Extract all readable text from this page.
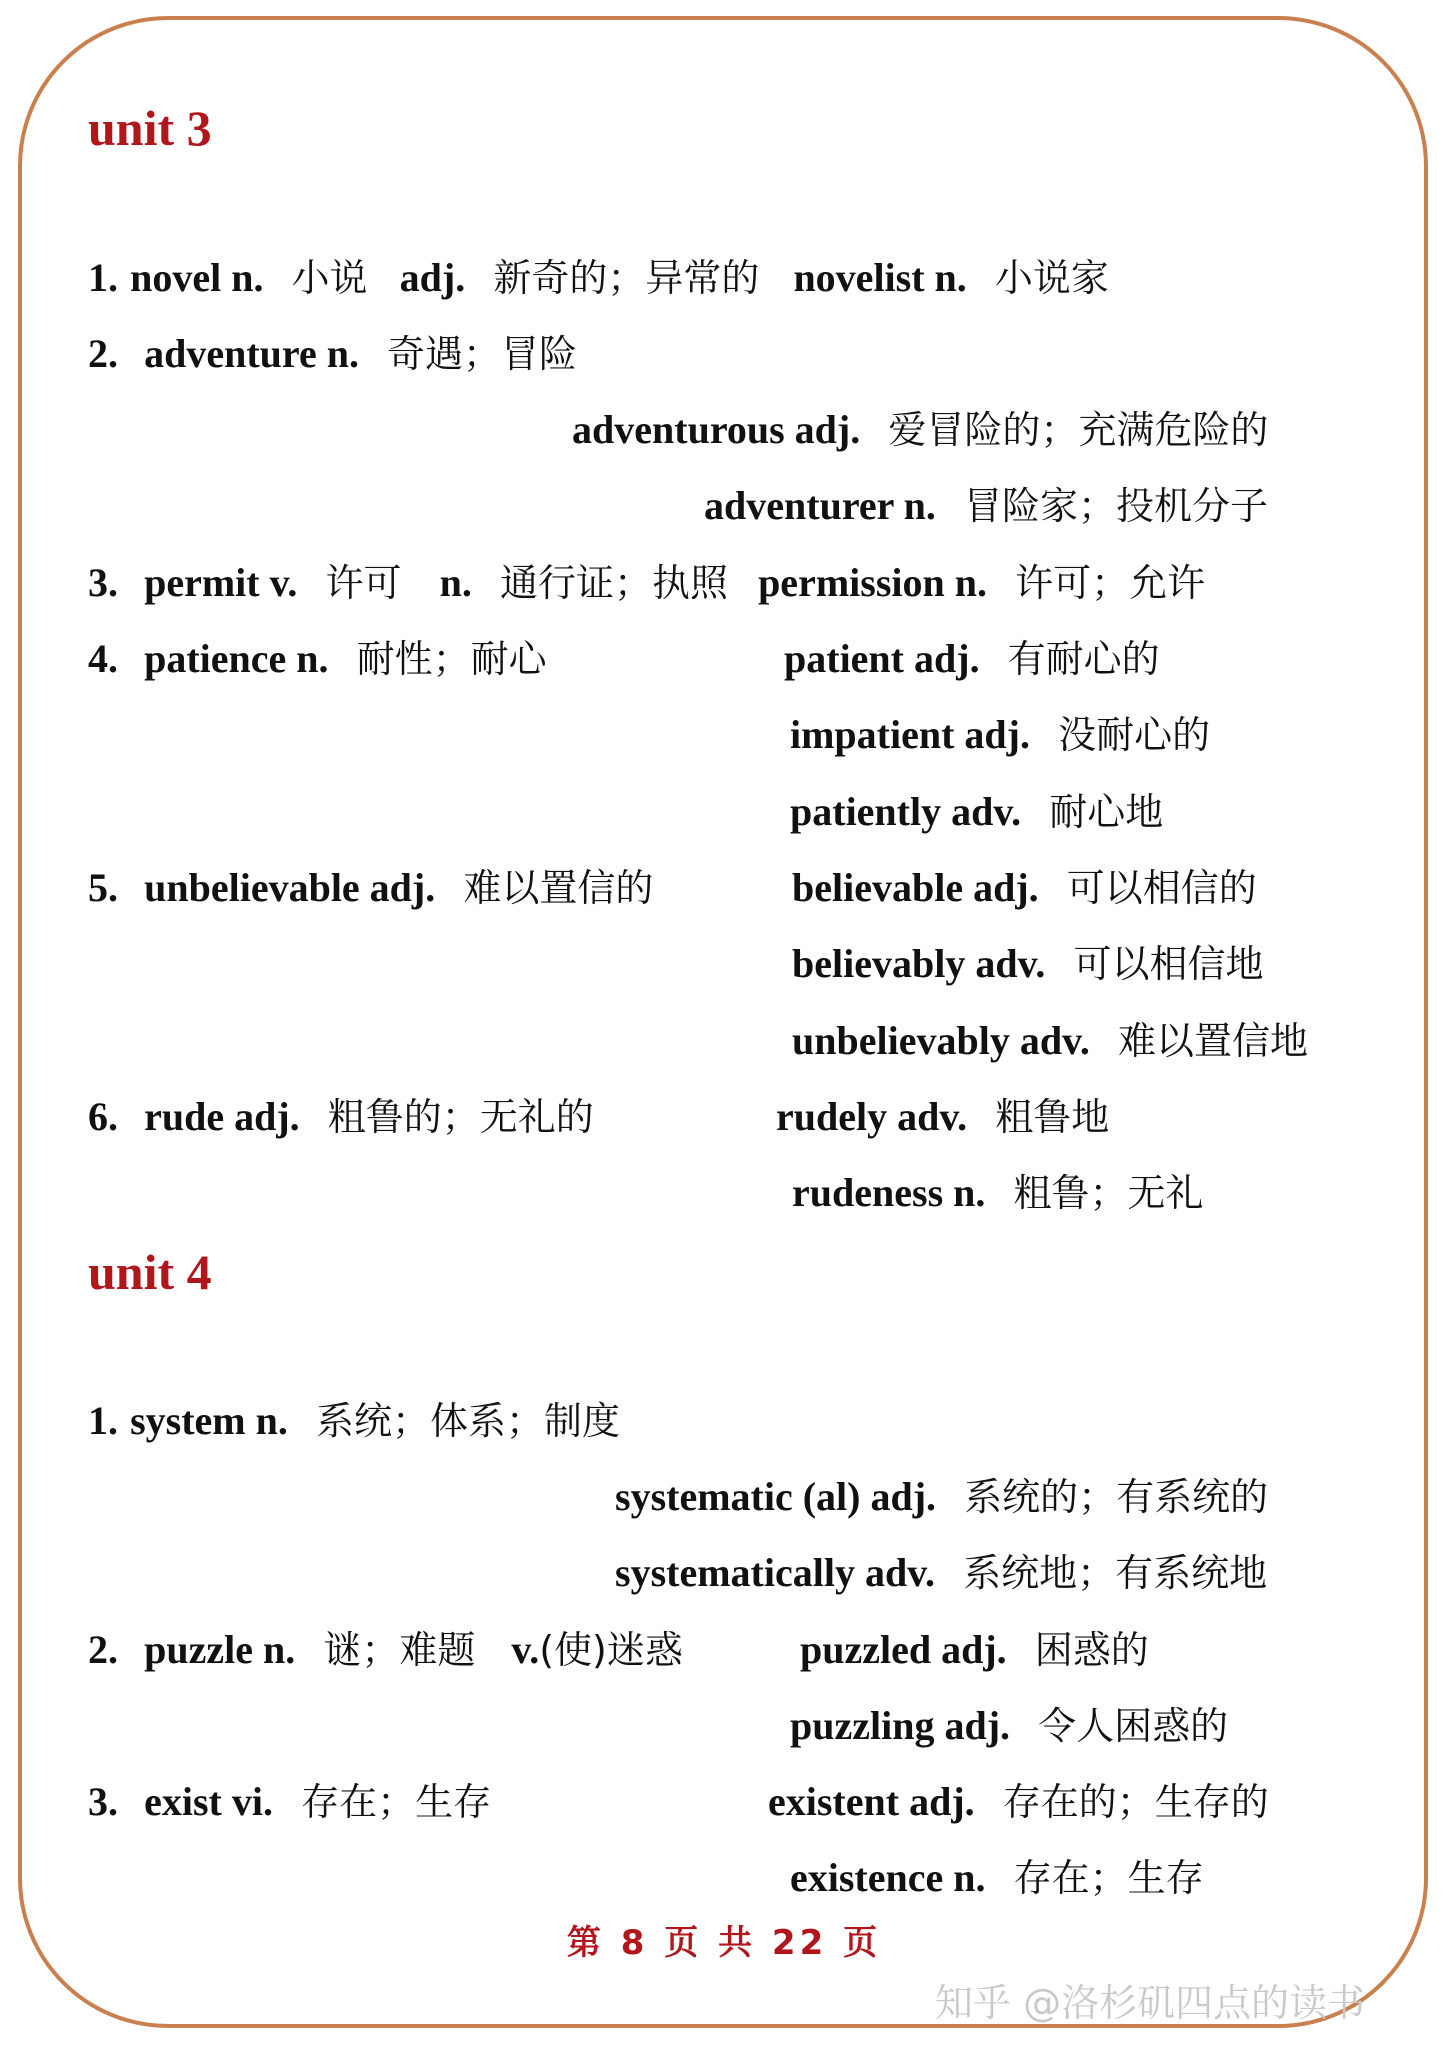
unit 3
1. novel n. 小说 adj. 新奇的；异常的 novelist n. 小说家
2. adventure n. 奇遇；冒险
adventurous adj. 爱冒险的；充满危险的
adventurer n. 冒险家；投机分子
3. permit v. 许可 n. 通行证；执照 permission n. 许可；允许
4. patience n. 耐性；耐心	patient adj. 有耐心的
impatient adj. 没耐心的
patiently adv. 耐心地
5. unbelievable adj. 难以置信的	believable adj. 可以相信的
believably adv. 可以相信地
unbelievably adv. 难以置信地
6. rude adj. 粗鲁的；无礼的	rudely adv. 粗鲁地
rudeness n. 粗鲁；无礼
unit 4
1. system n. 系统；体系；制度
systematic (al) adj. 系统的；有系统的
systematically adv. 系统地；有系统地
2. puzzle n. 谜；难题 v.(使)迷惑	puzzled adj. 困惑的
puzzling adj. 令人困惑的
3. exist vi. 存在；生存	existent adj. 存在的；生存的
existence n. 存在；生存
第 8 页 共 22 页
知乎 @洛杉矶四点的读书
